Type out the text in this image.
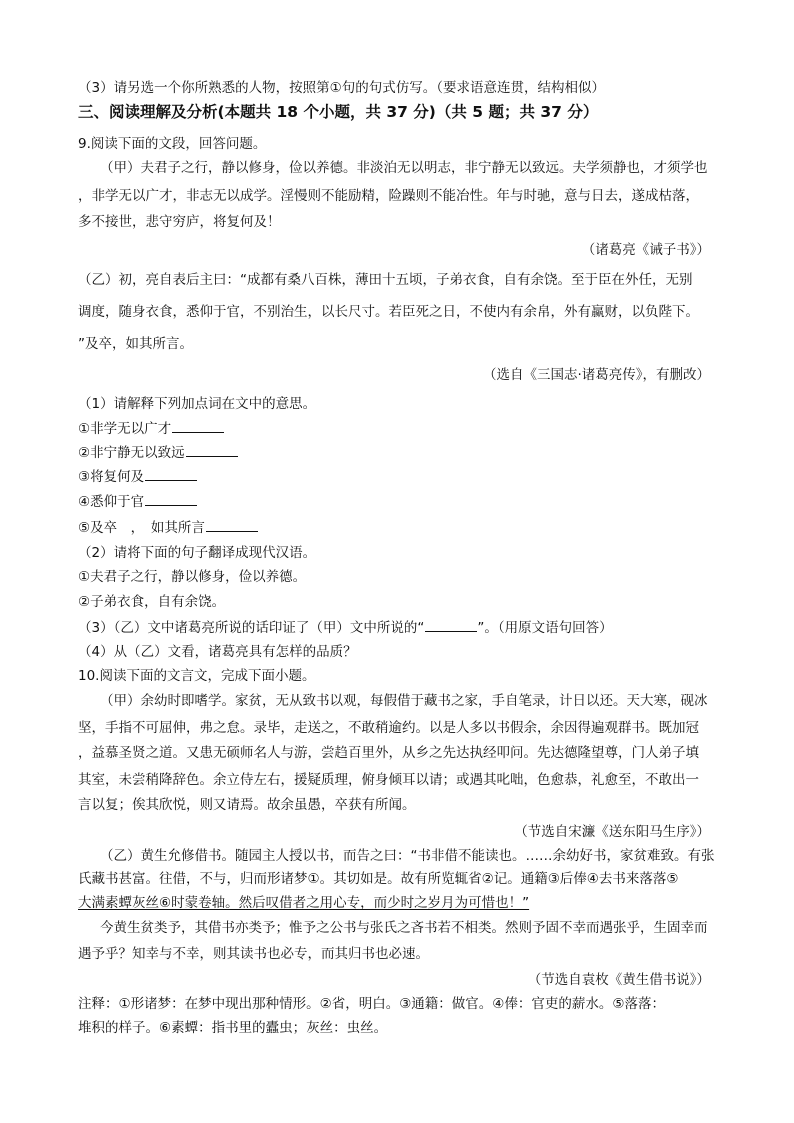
（3）请另选一个你所熟悉的人物，按照第①句的句式仿写。（要求语意连贯，结构相似）
三、阅读理解及分析(本题共 18 个小题，共 37 分)（共 5 题；共 37 分）
9.阅读下面的文段，回答问题。
（甲）夫君子之行，静以修身，俭以养德。非淡泊无以明志，非宁静无以致远。夫学须静也，才须学也
，非学无以广才，非志无以成学。淫慢则不能励精，险躁则不能冶性。年与时驰，意与日去，遂成枯落，
多不接世，悲守穷庐，将复何及！
（诸葛亮《诫子书》）
（乙）初，亮自表后主曰：“成都有桑八百株，薄田十五顷，子弟衣食，自有余饶。至于臣在外任，无别
调度，随身衣食，悉仰于官，不别治生，以长尺寸。若臣死之日，不使内有余帛，外有赢财，以负陛下。
”及卒，如其所言。
（选自《三国志·诸葛亮传》，有删改）
（1）请解释下列加点词在文中的意思。
①非学无以广才
②非宁静无以致远
③将复何及
④悉仰于官
⑤及卒　，　如其所言
（2）请将下面的句子翻译成现代汉语。
①夫君子之行，静以修身，俭以养德。
②子弟衣食，自有余饶。
（3）（乙）文中诸葛亮所说的话印证了（甲）文中所说的“	”。（用原文语句回答）
（4）从（乙）文看，诸葛亮具有怎样的品质？
10.阅读下面的文言文，完成下面小题。
（甲）余幼时即嗜学。家贫，无从致书以观，每假借于藏书之家，手自笔录，计日以还。天大寒，砚冰
坚，手指不可屈伸，弗之怠。录毕，走送之，不敢稍逾约。以是人多以书假余，余因得遍观群书。既加冠
，益慕圣贤之道。又患无硕师名人与游，尝趋百里外，从乡之先达执经叩问。先达德隆望尊，门人弟子填
其室，未尝稍降辞色。余立侍左右，援疑质理，俯身倾耳以请；或遇其叱咄，色愈恭，礼愈至，不敢出一
言以复；俟其欣悦，则又请焉。故余虽愚，卒获有所闻。
（节选自宋濂《送东阳马生序》）
（乙）黄生允修借书。随园主人授以书，而告之曰：“书非借不能读也。……余幼好书，家贫难致。有张
氏藏书甚富。往借，不与，归而形诸梦①。其切如是。故有所览辄省②记。通籍③后俸④去书来落落⑤
大满素蟫灰丝⑥时蒙卷轴。然后叹借者之用心专，而少时之岁月为可惜也！”
今黄生贫类予，其借书亦类予；惟予之公书与张氏之吝书若不相类。然则予固不幸而遇张乎，生固幸而
遇予乎？知幸与不幸，则其读书也必专，而其归书也必速。
（节选自袁枚《黄生借书说》）
注释：①形诸梦：在梦中现出那种情形。②省，明白。③通籍：做官。④俸：官吏的薪水。⑤落落：
堆积的样子。⑥素蟫：指书里的蠹虫；灰丝：虫丝。
